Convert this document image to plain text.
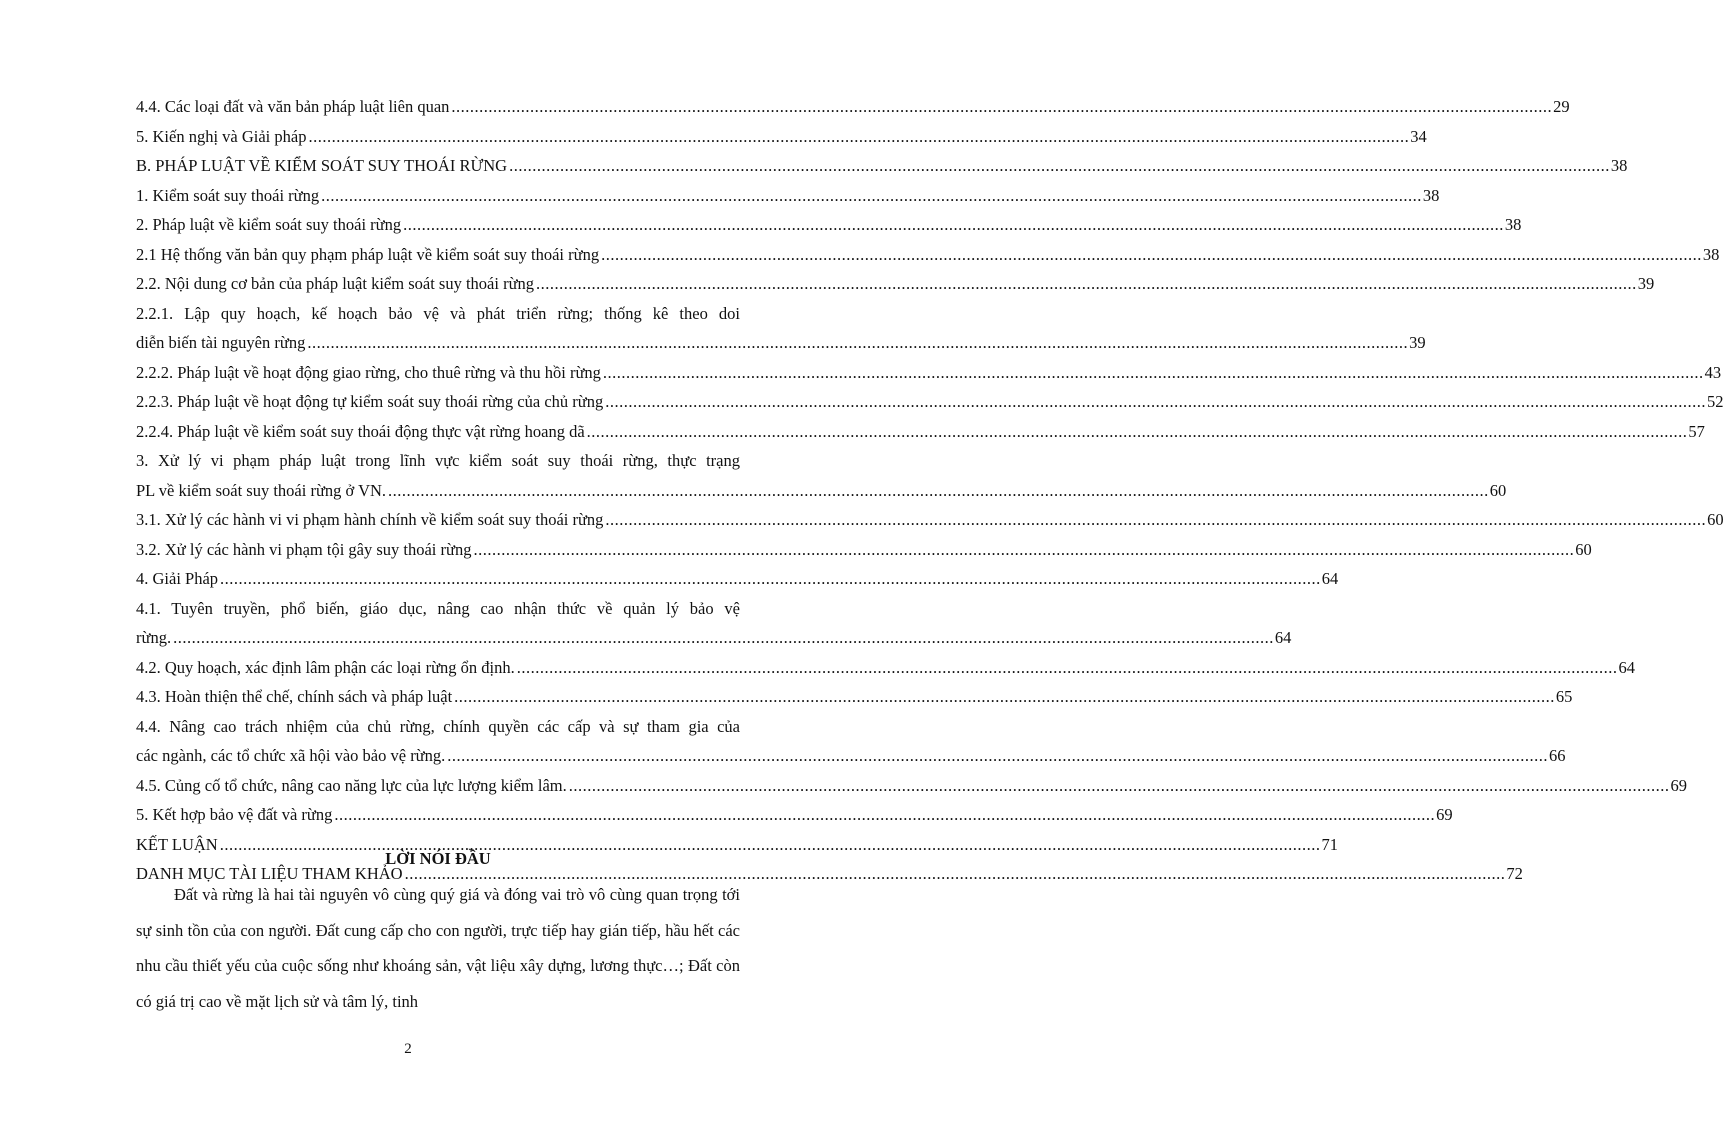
4.4. Các loại đất và văn bản pháp luật liên quan .....	29
5. Kiến nghị và Giải pháp .....	34
B. PHÁP LUẬT VỀ KIỂM SOÁT SUY THOÁI RỪNG .....	38
1. Kiểm soát suy thoái rừng .....	38
2. Pháp luật về kiểm soát suy thoái rừng .....	38
2.1 Hệ thống văn bản quy phạm pháp luật về kiểm soát suy thoái rừng .....	38
2.2. Nội dung cơ bản của pháp luật kiểm soát suy thoái rừng .....	39
2.2.1. Lập quy hoạch, kế hoạch bảo vệ và phát triển rừng; thống kê theo doi
diễn biến tài nguyên rừng .....	39
2.2.2. Pháp luật về hoạt động giao rừng, cho thuê rừng và thu hồi rừng .....	43
2.2.3. Pháp luật về hoạt động tự kiểm soát suy thoái rừng của chủ rừng .....	52
2.2.4. Pháp luật về kiểm soát suy thoái động thực vật rừng hoang dã .....	57
3. Xử lý vi phạm pháp luật trong lĩnh vực kiểm soát suy thoái rừng, thực trạng
PL về kiểm soát suy thoái rừng ở VN. .....	60
3.1. Xử lý các hành vi vi phạm hành chính về kiểm soát suy thoái rừng .....	60
3.2. Xử lý các hành vi phạm tội gây suy thoái rừng .....	60
4. Giải Pháp .....	64
4.1. Tuyên truyền, phổ biến, giáo dục, nâng cao nhận thức về quản lý bảo vệ
rừng. .....	64
4.2. Quy hoạch, xác định lâm phận các loại rừng ổn định. .....	64
4.3. Hoàn thiện thể chế, chính sách và pháp luật .....	65
4.4. Nâng cao trách nhiệm của chủ rừng, chính quyền các cấp và sự tham gia của
các ngành, các tổ chức xã hội vào bảo vệ rừng. .....	66
4.5. Củng cố tổ chức, nâng cao năng lực của lực lượng kiểm lâm. .....	69
5. Kết hợp bảo vệ đất và rừng .....	69
KẾT LUẬN .....	71
DANH MỤC TÀI LIỆU THAM KHẢO .....	72
LỜI NÓI ĐẦU

Đất và rừng là hai tài nguyên vô cùng quý giá và đóng vai trò vô cùng quan trọng tới sự sinh tồn của con người. Đất cung cấp cho con người, trực tiếp hay gián tiếp, hầu hết các nhu cầu thiết yếu của cuộc sống như khoáng sản, vật liệu xây dựng, lương thực…; Đất còn có giá trị cao về mặt lịch sử và tâm lý, tinh

2
